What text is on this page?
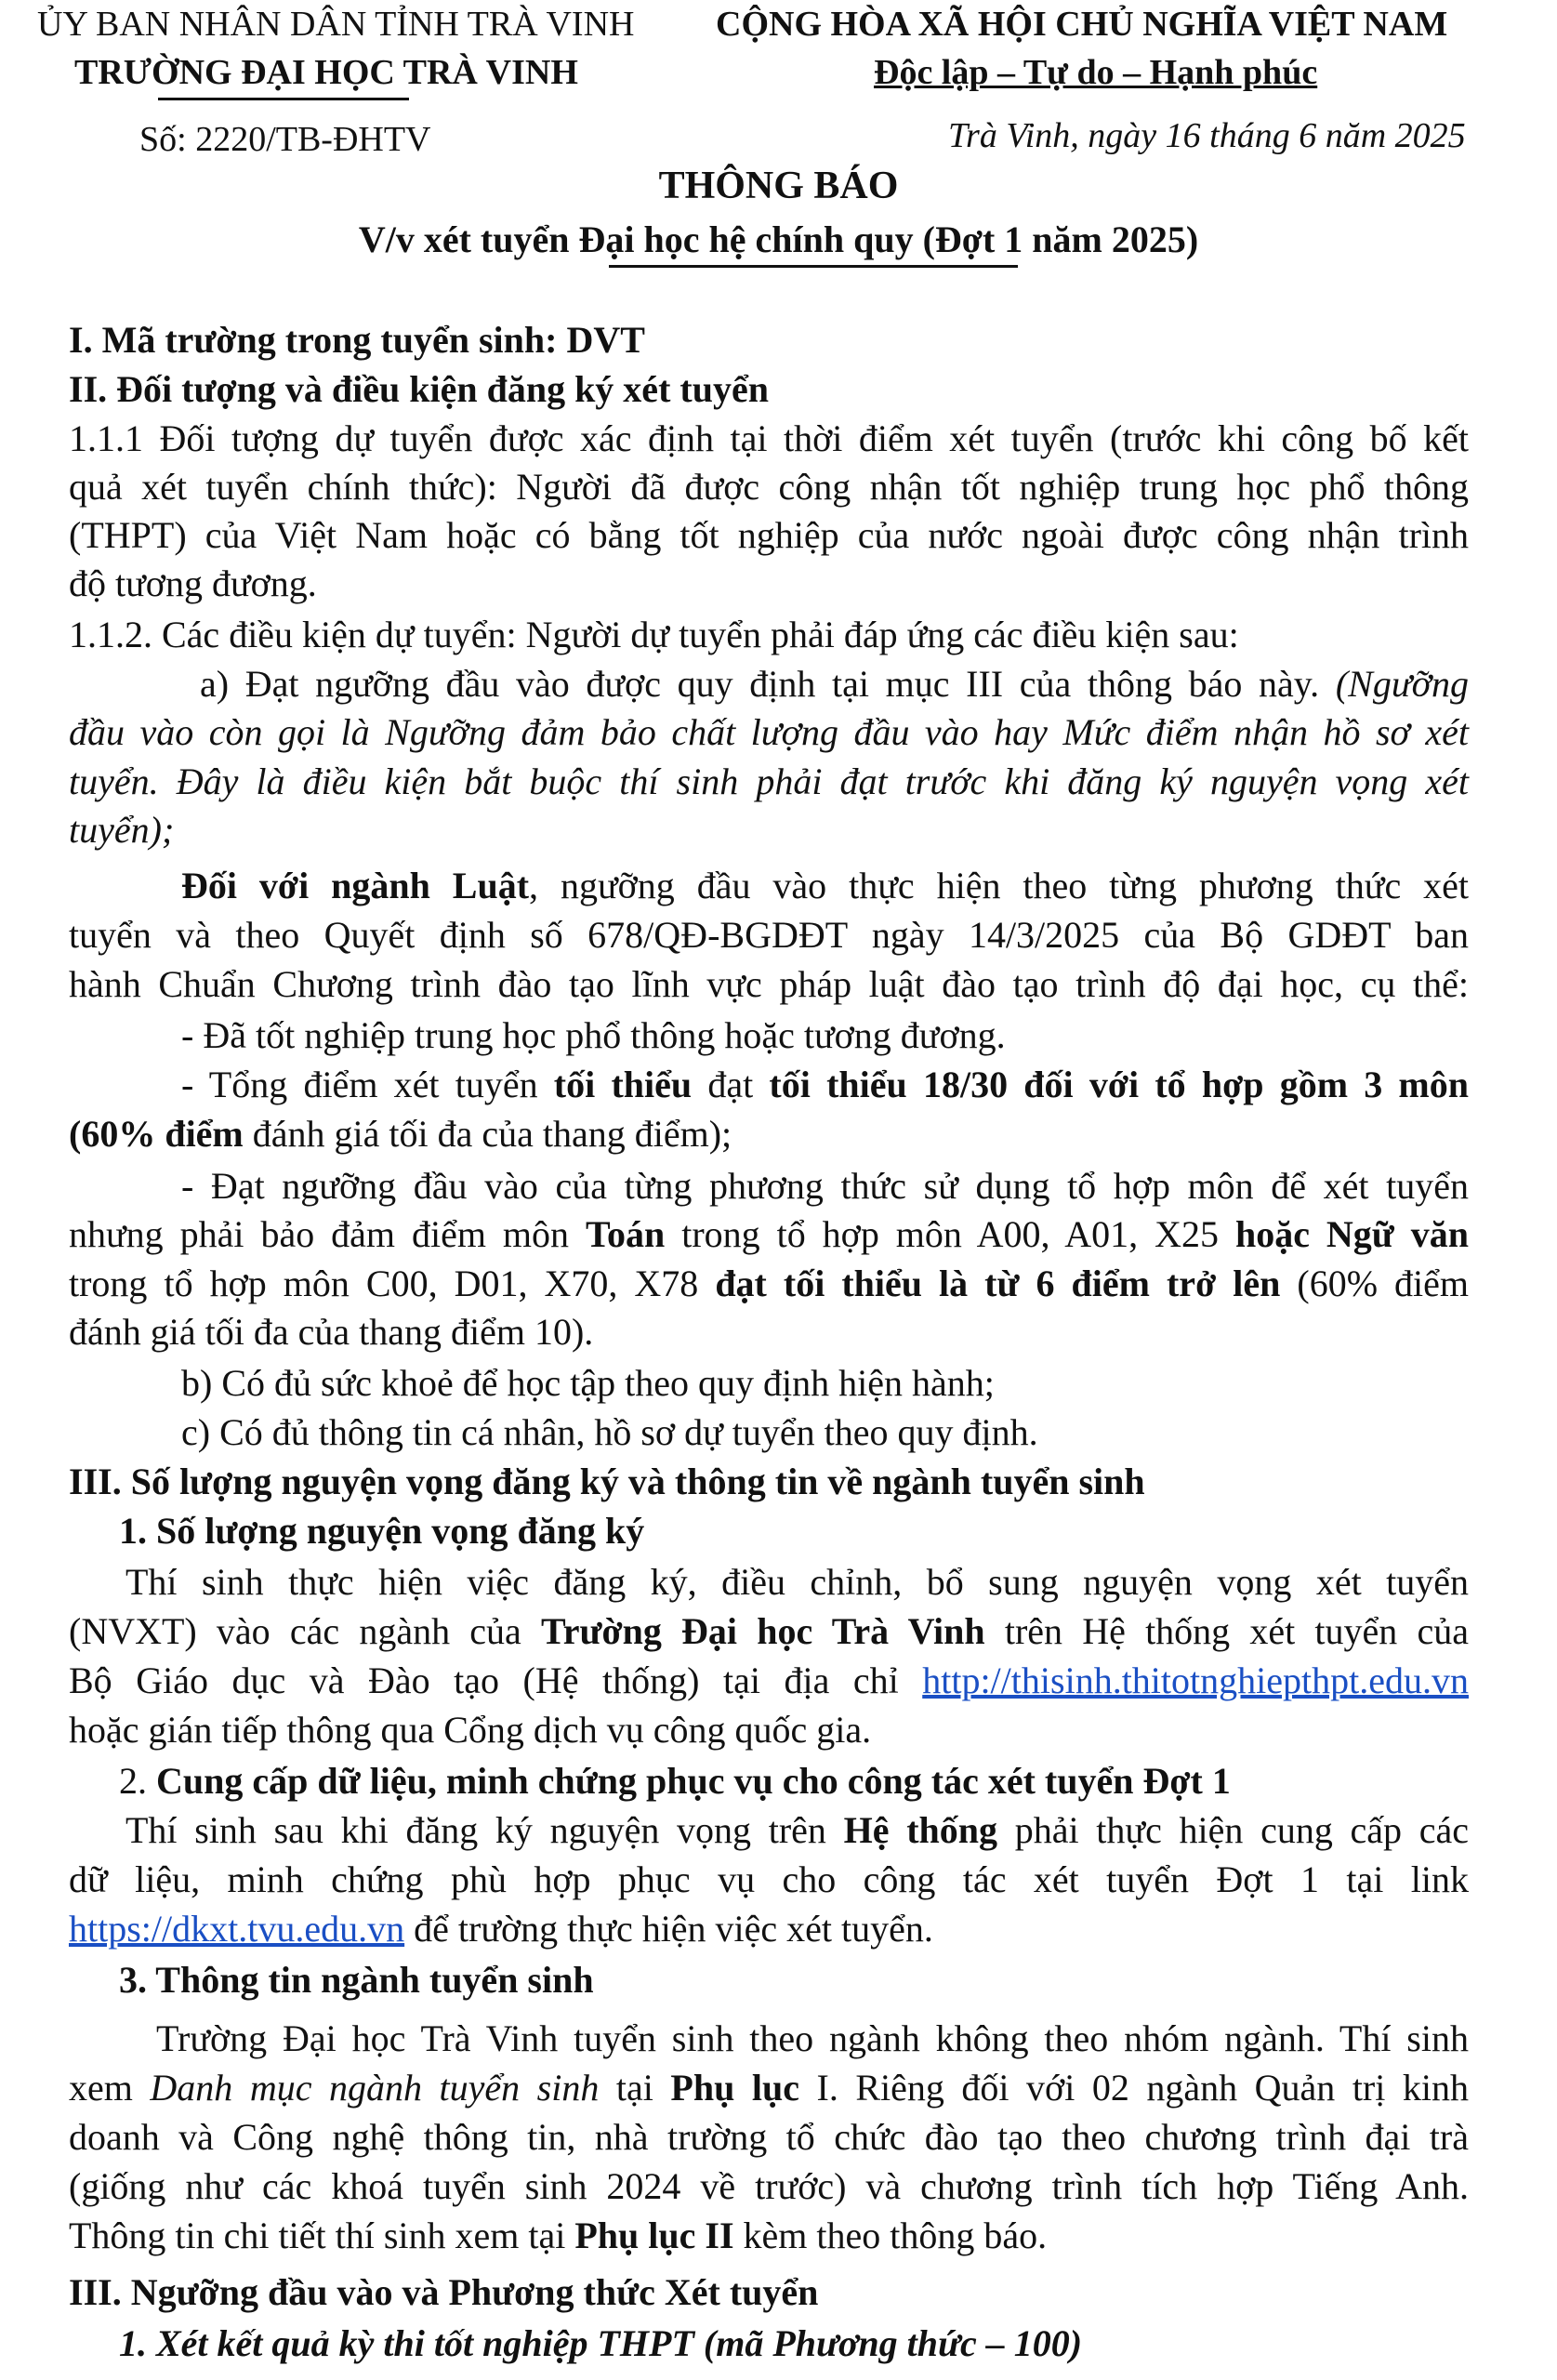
ỦY BAN NHÂN DÂN TỈNH TRÀ VINH
TRƯỜNG ĐẠI HỌC TRÀ VINH
CỘNG HÒA XÃ HỘI CHỦ NGHĨA VIỆT NAM
Độc lập – Tự do – Hạnh phúc
Số: 2220/TB-ĐHTV	Trà Vinh, ngày 16 tháng 6 năm 2025
THÔNG BÁO
V/v xét tuyển Đại học hệ chính quy (Đợt 1 năm 2025)
I. Mã trường trong tuyển sinh: DVT
II. Đối tượng và điều kiện đăng ký xét tuyển
1.1.1 Đối tượng dự tuyển được xác định tại thời điểm xét tuyển (trước khi công bố kết
quả xét tuyển chính thức): Người đã được công nhận tốt nghiệp trung học phổ thông
(THPT) của Việt Nam hoặc có bằng tốt nghiệp của nước ngoài được công nhận trình
độ tương đương.
1.1.2. Các điều kiện dự tuyển: Người dự tuyển phải đáp ứng các điều kiện sau:
a) Đạt ngưỡng đầu vào được quy định tại mục III của thông báo này. (Ngưỡng
đầu vào còn gọi là Ngưỡng đảm bảo chất lượng đầu vào hay Mức điểm nhận hồ sơ xét
tuyển. Đây là điều kiện bắt buộc thí sinh phải đạt trước khi đăng ký nguyện vọng xét
tuyển);
Đối với ngành Luật, ngưỡng đầu vào thực hiện theo từng phương thức xét
tuyển và theo Quyết định số 678/QĐ-BGDĐT ngày 14/3/2025 của Bộ GDĐT ban
hành Chuẩn Chương trình đào tạo lĩnh vực pháp luật đào tạo trình độ đại học, cụ thể:
- Đã tốt nghiệp trung học phổ thông hoặc tương đương.
- Tổng điểm xét tuyển tối thiểu đạt tối thiểu 18/30 đối với tổ hợp gồm 3 môn
(60% điểm đánh giá tối đa của thang điểm);
- Đạt ngưỡng đầu vào của từng phương thức sử dụng tổ hợp môn để xét tuyển
nhưng phải bảo đảm điểm môn Toán trong tổ hợp môn A00, A01, X25 hoặc Ngữ văn
trong tổ hợp môn C00, D01, X70, X78 đạt tối thiểu là từ 6 điểm trở lên (60% điểm
đánh giá tối đa của thang điểm 10).
b) Có đủ sức khoẻ để học tập theo quy định hiện hành;
c) Có đủ thông tin cá nhân, hồ sơ dự tuyển theo quy định.
III. Số lượng nguyện vọng đăng ký và thông tin về ngành tuyển sinh
1. Số lượng nguyện vọng đăng ký
Thí sinh thực hiện việc đăng ký, điều chỉnh, bổ sung nguyện vọng xét tuyển
(NVXT) vào các ngành của Trường Đại học Trà Vinh trên Hệ thống xét tuyển của
Bộ Giáo dục và Đào tạo (Hệ thống) tại địa chỉ http://thisinh.thitotnghiepthpt.edu.vn
hoặc gián tiếp thông qua Cổng dịch vụ công quốc gia.
2. Cung cấp dữ liệu, minh chứng phục vụ cho công tác xét tuyển Đợt 1
Thí sinh sau khi đăng ký nguyện vọng trên Hệ thống phải thực hiện cung cấp các
dữ liệu, minh chứng phù hợp phục vụ cho công tác xét tuyển Đợt 1 tại link
https://dkxt.tvu.edu.vn để trường thực hiện việc xét tuyển.
3. Thông tin ngành tuyển sinh
Trường Đại học Trà Vinh tuyển sinh theo ngành không theo nhóm ngành. Thí sinh
xem Danh mục ngành tuyển sinh tại Phụ lục I. Riêng đối với 02 ngành Quản trị kinh
doanh và Công nghệ thông tin, nhà trường tổ chức đào tạo theo chương trình đại trà
(giống như các khoá tuyển sinh 2024 về trước) và chương trình tích hợp Tiếng Anh.
Thông tin chi tiết thí sinh xem tại Phụ lục II kèm theo thông báo.
III. Ngưỡng đầu vào và Phương thức Xét tuyển
1. Xét kết quả kỳ thi tốt nghiệp THPT (mã Phương thức – 100)
